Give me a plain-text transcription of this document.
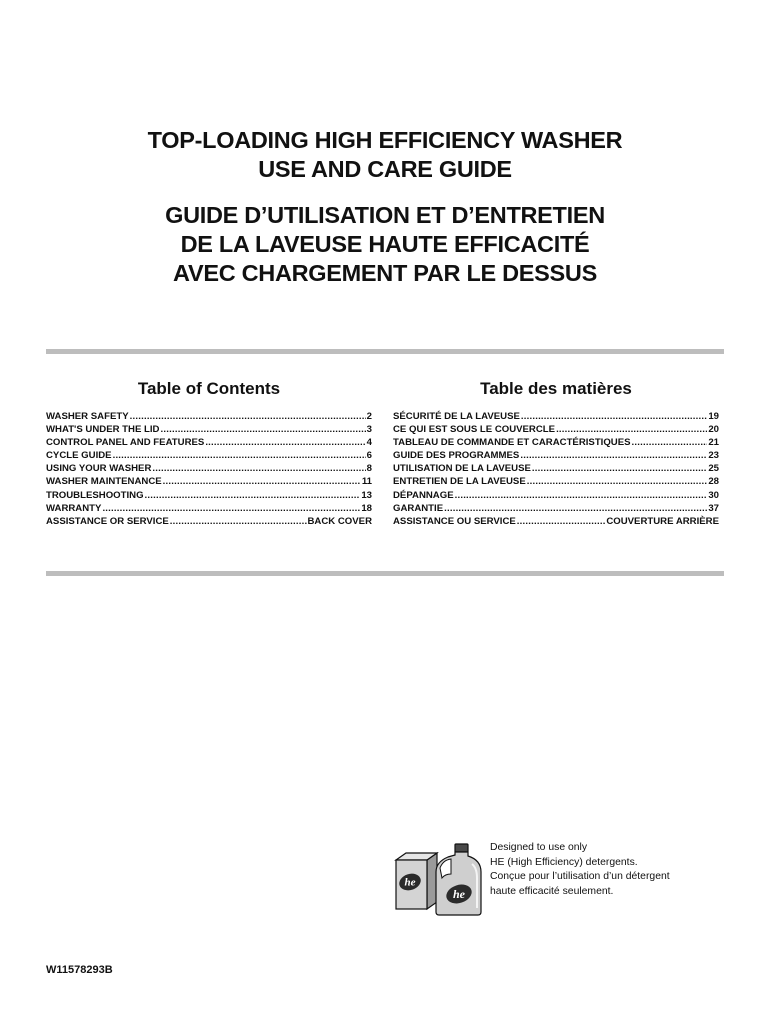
TOP-LOADING HIGH EFFICIENCY WASHER
USE AND CARE GUIDE
GUIDE D’UTILISATION ET D’ENTRETIEN
DE LA LAVEUSE HAUTE EFFICACITÉ
AVEC CHARGEMENT PAR LE DESSUS
Table of Contents
WASHER SAFETY .....	2
WHAT'S UNDER THE LID .....	3
CONTROL PANEL AND FEATURES .....	4
CYCLE GUIDE .....	6
USING YOUR WASHER .....	8
WASHER MAINTENANCE .....	11
TROUBLESHOOTING .....	13
WARRANTY .....	18
ASSISTANCE OR SERVICE .....	BACK COVER
Table des matières
SÉCURITÉ DE LA LAVEUSE .....	19
CE QUI EST SOUS LE COUVERCLE .....	20
TABLEAU DE COMMANDE ET CARACTÉRISTIQUES .....	21
GUIDE DES PROGRAMMES .....	23
UTILISATION DE LA LAVEUSE .....	25
ENTRETIEN DE LA LAVEUSE .....	28
DÉPANNAGE .....	30
GARANTIE .....	37
ASSISTANCE OU SERVICE .....	COUVERTURE ARRIÈRE
he
he
Designed to use only
HE (High Efficiency) detergents.
Conçue pour l’utilisation d’un détergent
haute efficacité seulement.
W11578293B
